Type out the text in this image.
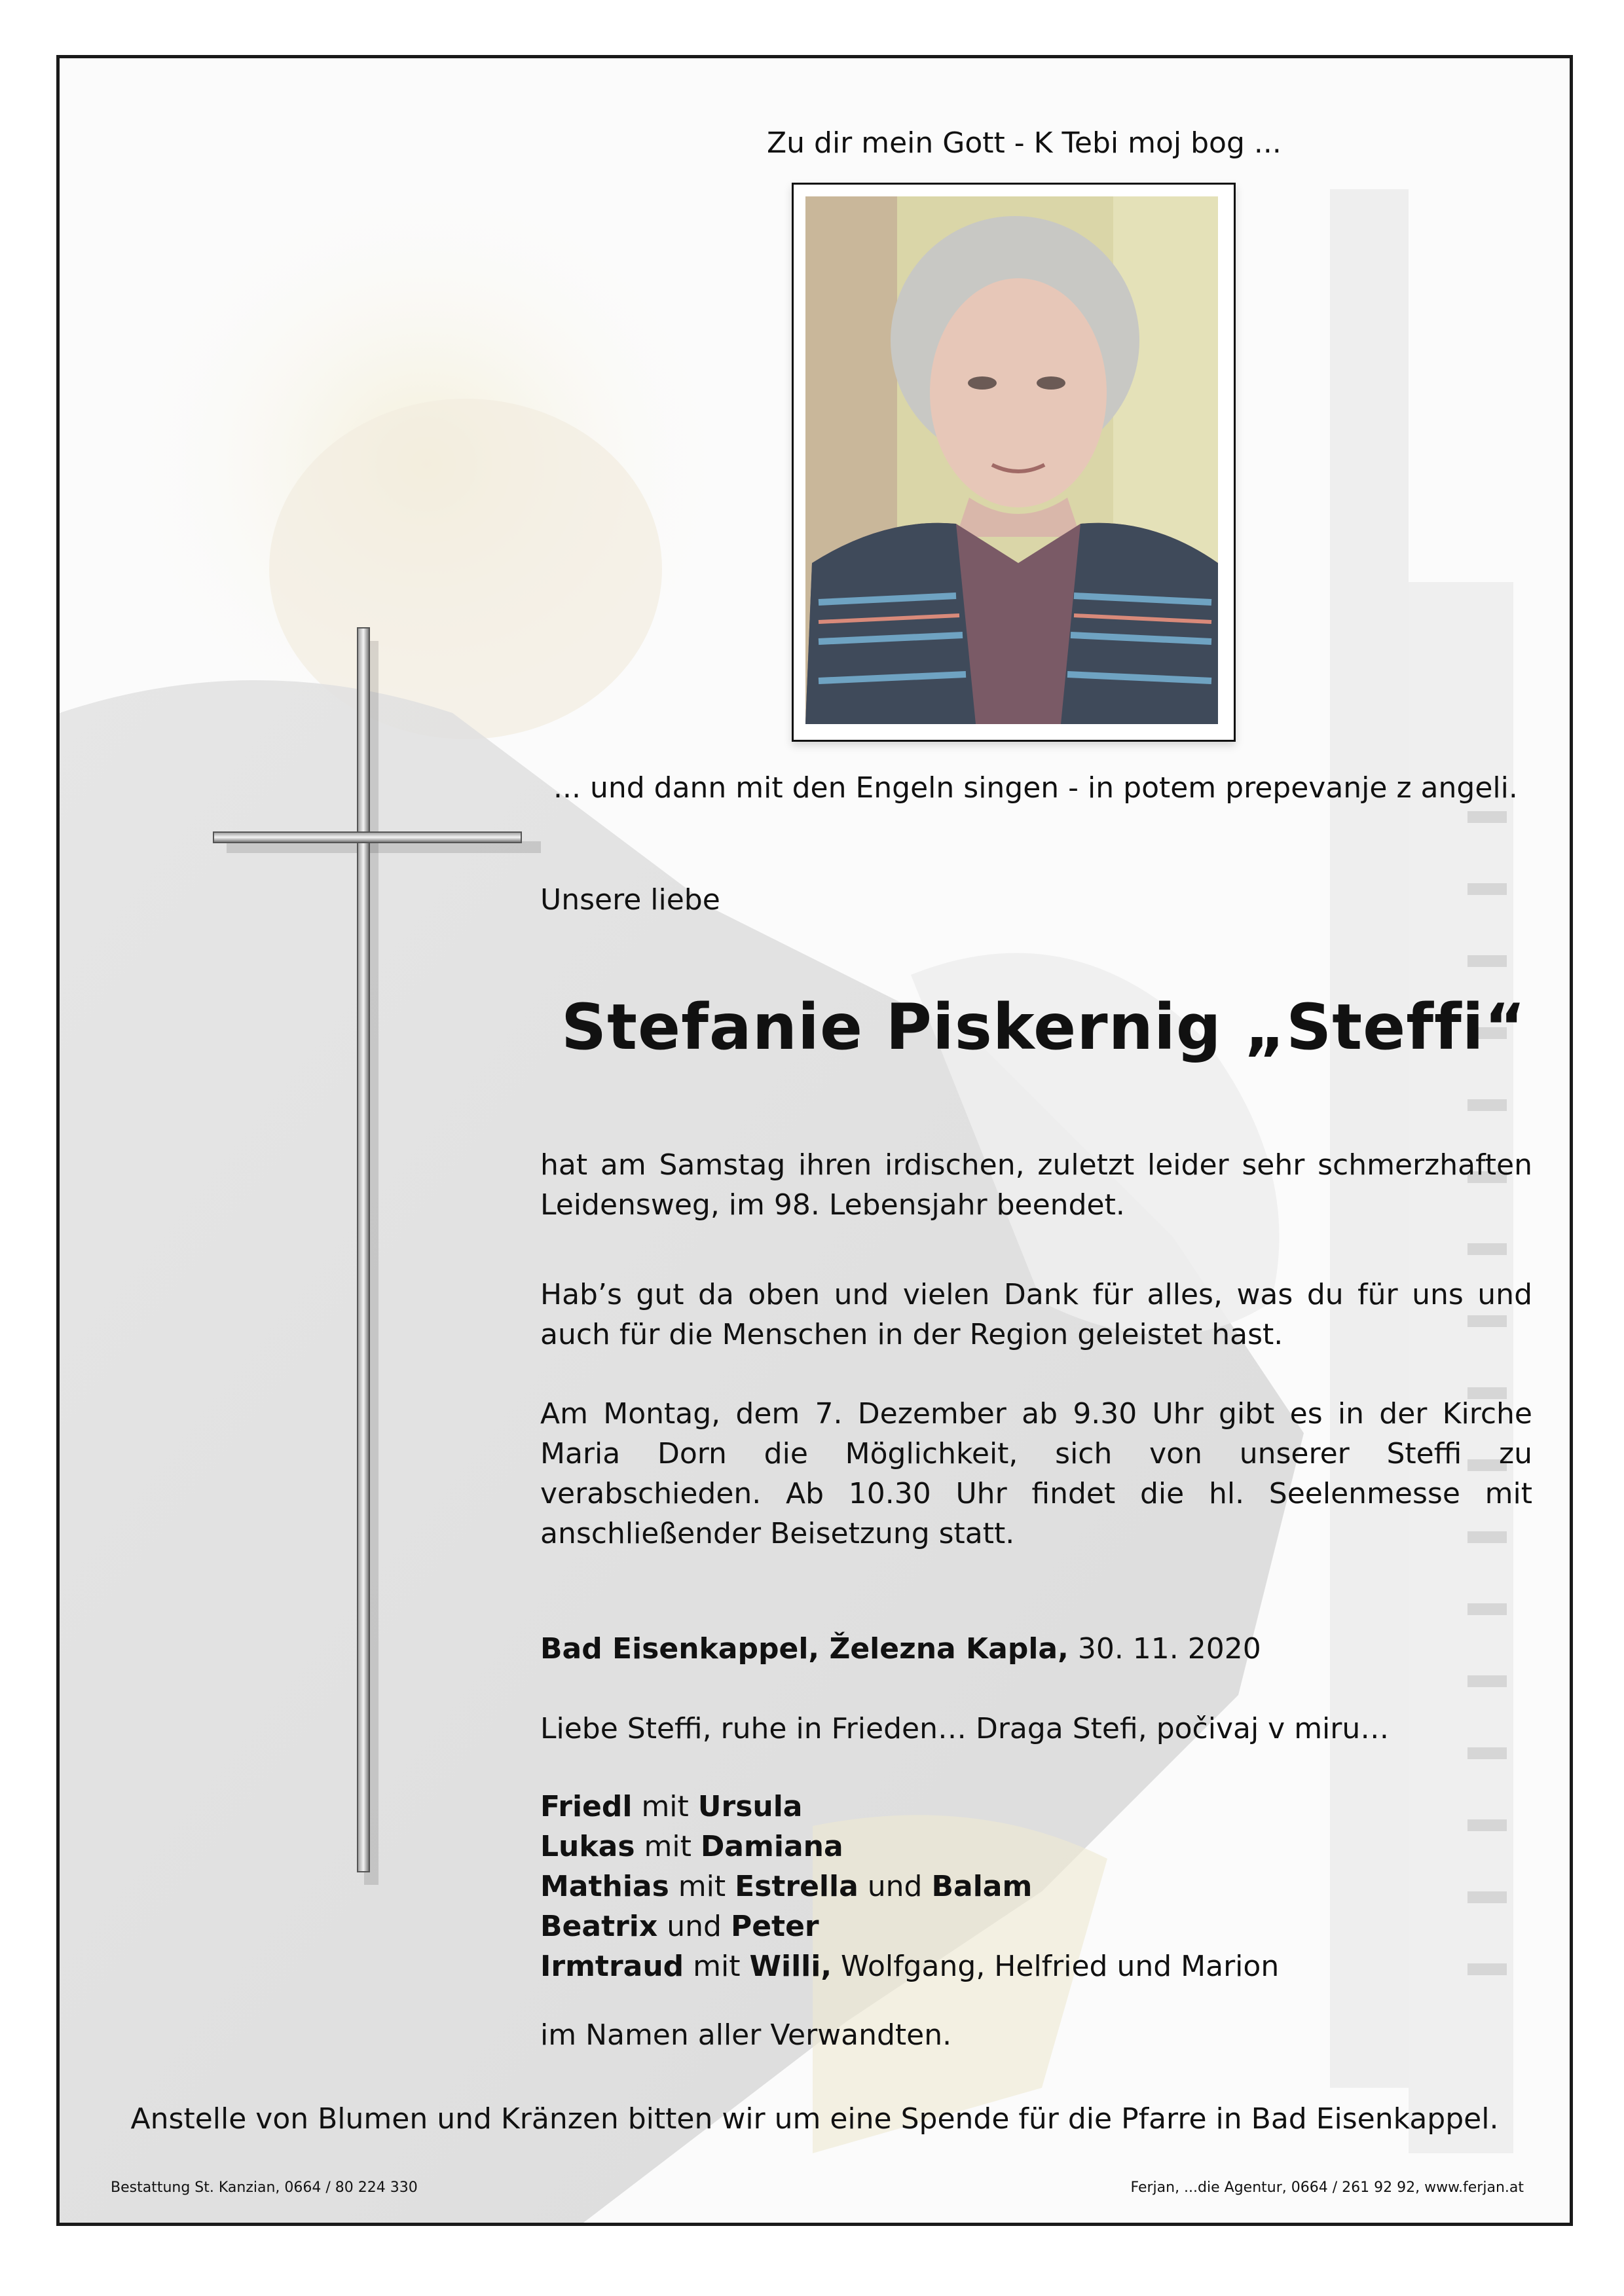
Zu dir mein Gott - K Tebi moj bog ...
... und dann mit den Engeln singen - in potem prepevanje z angeli.
Unsere liebe
Stefanie Piskernig „Steffi“
hat am Samstag ihren irdischen, zuletzt leider sehr schmerzhaften Leidensweg, im 98. Lebensjahr beendet.
Hab’s gut da oben und vielen Dank für alles, was du für uns und auch für die Menschen in der Region geleistet hast.
Am Montag, dem 7. Dezember ab 9.30 Uhr gibt es in der Kirche Maria Dorn die Möglichkeit, sich von unserer Steffi zu verabschieden. Ab 10.30 Uhr findet die hl. Seelenmesse mit anschließender Beisetzung statt.
Bad Eisenkappel, Železna Kapla, 30. 11. 2020
Liebe Steffi, ruhe in Frieden… Draga Stefi, počivaj v miru…
Friedl mit Ursula
Lukas mit Damiana
Mathias mit Estrella und Balam
Beatrix und Peter
Irmtraud mit Willi, Wolfgang, Helfried und Marion
im Namen aller Verwandten.
Anstelle von Blumen und Kränzen bitten wir um eine Spende für die Pfarre in Bad Eisenkappel.
Bestattung St. Kanzian, 0664 / 80 224 330	Ferjan, ...die Agentur, 0664 / 261 92 92, www.ferjan.at
